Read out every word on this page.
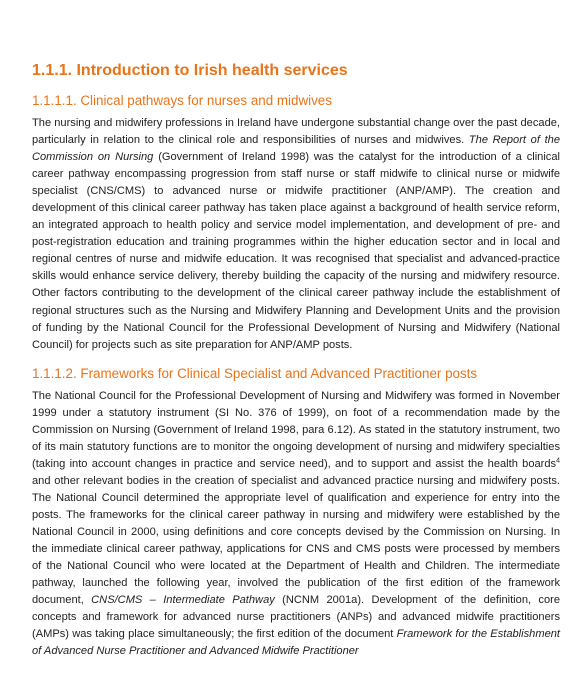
1.1.1. Introduction to Irish health services
1.1.1.1. Clinical pathways for nurses and midwives

The nursing and midwifery professions in Ireland have undergone substantial change over the past decade, particularly in relation to the clinical role and responsibilities of nurses and midwives. The Report of the Commission on Nursing (Government of Ireland 1998) was the catalyst for the introduction of a clinical career pathway encompassing progression from staff nurse or staff midwife to clinical nurse or midwife specialist (CNS/CMS) to advanced nurse or midwife practitioner (ANP/AMP). The creation and development of this clinical career pathway has taken place against a background of health service reform, an integrated approach to health policy and service model implementation, and development of pre- and post-registration education and training programmes within the higher education sector and in local and regional centres of nurse and midwife education. It was recognised that specialist and advanced-practice skills would enhance service delivery, thereby building the capacity of the nursing and midwifery resource. Other factors contributing to the development of the clinical career pathway include the establishment of regional structures such as the Nursing and Midwifery Planning and Development Units and the provision of funding by the National Council for the Professional Development of Nursing and Midwifery (National Council) for projects such as site preparation for ANP/AMP posts.

1.1.1.2. Frameworks for Clinical Specialist and Advanced Practitioner posts

The National Council for the Professional Development of Nursing and Midwifery was formed in November 1999 under a statutory instrument (SI No. 376 of 1999), on foot of a recommendation made by the Commission on Nursing (Government of Ireland 1998, para 6.12). As stated in the statutory instrument, two of its main statutory functions are to monitor the ongoing development of nursing and midwifery specialties (taking into account changes in practice and service need), and to support and assist the health boards$^4$ and other relevant bodies in the creation of specialist and advanced practice nursing and midwifery posts. The National Council determined the appropriate level of qualification and experience for entry into the posts. The frameworks for the clinical career pathway in nursing and midwifery were established by the National Council in 2000, using definitions and core concepts devised by the Commission on Nursing. In the immediate clinical career pathway, applications for CNS and CMS posts were processed by members of the National Council who were located at the Department of Health and Children. The intermediate pathway, launched the following year, involved the publication of the first edition of the framework document, CNS/CMS – Intermediate Pathway (NCNM 2001a). Development of the definition, core concepts and framework for advanced nurse practitioners (ANPs) and advanced midwife practitioners (AMPs) was taking place simultaneously; the first edition of the document Framework for the Establishment of Advanced Nurse Practitioner and Advanced Midwife Practitioner
